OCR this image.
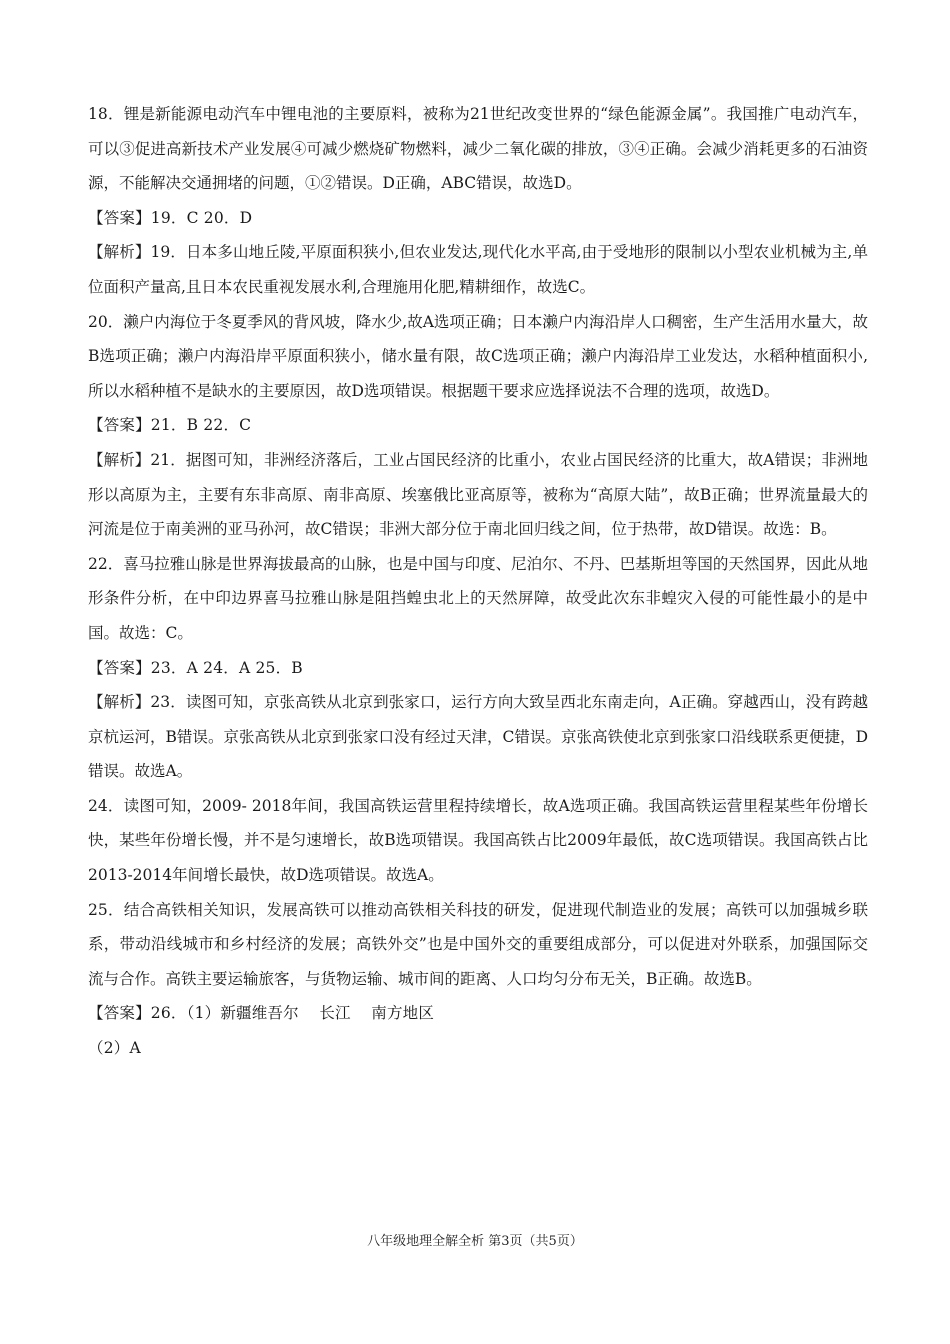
18．锂是新能源电动汽车中锂电池的主要原料，被称为21世纪改变世界的“绿色能源金属”。我国推广电动汽车，可以③促进高新技术产业发展④可减少燃烧矿物燃料，减少二氧化碳的排放，③④正确。会减少消耗更多的石油资源，不能解决交通拥堵的问题，①②错误。D正确，ABC错误，故选D。

【答案】19．C 20．D

【解析】19．日本多山地丘陵,平原面积狭小,但农业发达,现代化水平高,由于受地形的限制以小型农业机械为主,单位面积产量高,且日本农民重视发展水利,合理施用化肥,精耕细作，故选C。

20．濑户内海位于冬夏季风的背风坡，降水少,故A选项正确；日本濑户内海沿岸人口稠密，生产生活用水量大，故B选项正确；濑户内海沿岸平原面积狭小，储水量有限，故C选项正确；濑户内海沿岸工业发达，水稻种植面积小,所以水稻种植不是缺水的主要原因，故D选项错误。根据题干要求应选择说法不合理的选项，故选D。

【答案】21．B 22．C

【解析】21．据图可知，非洲经济落后，工业占国民经济的比重小，农业占国民经济的比重大，故A错误；非洲地形以高原为主，主要有东非高原、南非高原、埃塞俄比亚高原等，被称为“高原大陆”，故B正确；世界流量最大的河流是位于南美洲的亚马孙河，故C错误；非洲大部分位于南北回归线之间，位于热带，故D错误。故选：B。

22．喜马拉雅山脉是世界海拔最高的山脉，也是中国与印度、尼泊尔、不丹、巴基斯坦等国的天然国界，因此从地形条件分析，在中印边界喜马拉雅山脉是阻挡蝗虫北上的天然屏障，故受此次东非蝗灾入侵的可能性最小的是中国。故选：C。

【答案】23．A 24．A 25．B

【解析】23．读图可知，京张高铁从北京到张家口，运行方向大致呈西北东南走向，A正确。穿越西山，没有跨越京杭运河，B错误。京张高铁从北京到张家口没有经过天津，C错误。京张高铁使北京到张家口沿线联系更便捷，D错误。故选A。

24．读图可知，2009- 2018年间，我国高铁运营里程持续增长，故A选项正确。我国高铁运营里程某些年份增长快，某些年份增长慢，并不是匀速增长，故B选项错误。我国高铁占比2009年最低，故C选项错误。我国高铁占比2013-2014年间增长最快，故D选项错误。故选A。

25．结合高铁相关知识，发展高铁可以推动高铁相关科技的研发，促进现代制造业的发展；高铁可以加强城乡联系，带动沿线城市和乡村经济的发展；高铁外交”也是中国外交的重要组成部分，可以促进对外联系，加强国际交流与合作。高铁主要运输旅客，与货物运输、城市间的距离、人口均匀分布无关，B正确。故选B。

【答案】26．（1）新疆维吾尔    长江    南方地区

（2）A

八年级地理全解全析 第3页（共5页）
